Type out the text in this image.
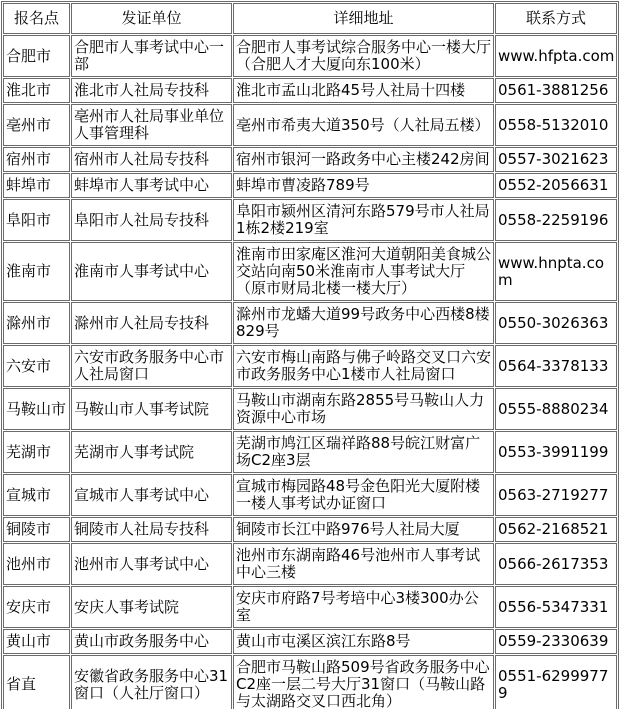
报名点	发证单位	详细地址	联系方式
合肥市	合肥市人事考试中心一部	合肥市人事考试综合服务中心一楼大厅（合肥人才大厦向东100米）	www.hfpta.com
淮北市	淮北市人社局专技科	淮北市孟山北路45号人社局十四楼	0561-3881256
亳州市	亳州市人社局事业单位人事管理科	亳州市希夷大道350号（人社局五楼）	0558-5132010
宿州市	宿州市人社局专技科	宿州市银河一路政务中心主楼242房间	0557-3021623
蚌埠市	蚌埠市人事考试中心	蚌埠市曹凌路789号	0552-2056631
阜阳市	阜阳市人社局专技科	阜阳市颍州区清河东路579号市人社局1栋2楼219室	0558-2259196
淮南市	淮南市人事考试中心	淮南市田家庵区淮河大道朝阳美食城公交站向南50米淮南市人事考试大厅（原市财局北楼一楼大厅）	www.hnpta.com
滁州市	滁州市人社局专技科	滁州市龙蟠大道99号政务中心西楼8楼829号	0550-3026363
六安市	六安市政务服务中心市人社局窗口	六安市梅山南路与佛子岭路交叉口六安市政务服务中心1楼市人社局窗口	0564-3378133
马鞍山市	马鞍山市人事考试院	马鞍山市湖南东路2855号马鞍山人力资源中心市场	0555-8880234
芜湖市	芜湖市人事考试院	芜湖市鸠江区瑞祥路88号皖江财富广场C2座3层	0553-3991199
宣城市	宣城市人事考试中心	宣城市梅园路48号金色阳光大厦附楼一楼人事考试办证窗口	0563-2719277
铜陵市	铜陵市人社局专技科	铜陵市长江中路976号人社局大厦	0562-2168521
池州市	池州市人事考试中心	池州市东湖南路46号池州市人事考试中心三楼	0566-2617353
安庆市	安庆人事考试院	安庆市府路7号考培中心3楼300办公室	0556-5347331
黄山市	黄山市政务服务中心	黄山市屯溪区滨江东路8号	0559-2330639
省直	安徽省政务服务中心31窗口（人社厅窗口）	合肥市马鞍山路509号省政务服务中心C2座一层二号大厅31窗口（马鞍山路与太湖路交叉口西北角）	0551-62999779
